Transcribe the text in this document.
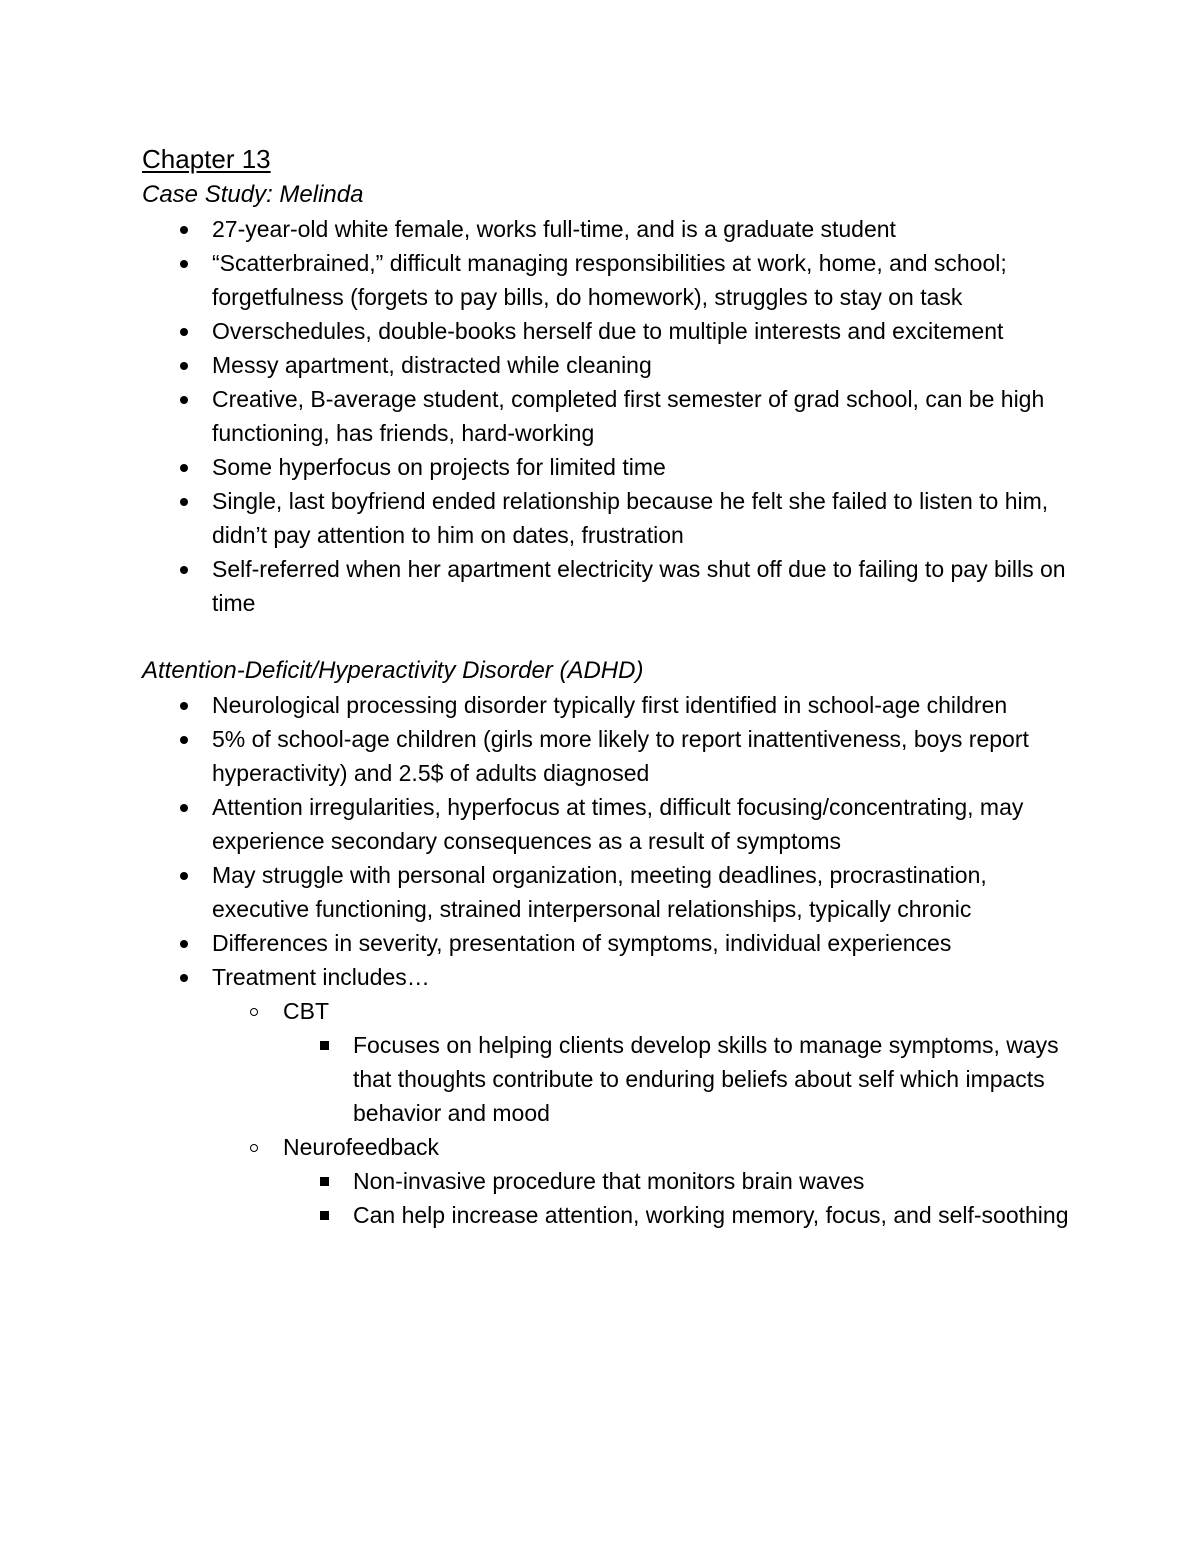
Chapter 13
Case Study: Melinda
27-year-old white female, works full-time, and is a graduate student
“Scatterbrained,” difficult managing responsibilities at work, home, and school; forgetfulness (forgets to pay bills, do homework), struggles to stay on task
Overschedules, double-books herself due to multiple interests and excitement
Messy apartment, distracted while cleaning
Creative, B-average student, completed first semester of grad school, can be high functioning, has friends, hard-working
Some hyperfocus on projects for limited time
Single, last boyfriend ended relationship because he felt she failed to listen to him, didn’t pay attention to him on dates, frustration
Self-referred when her apartment electricity was shut off due to failing to pay bills on time
Attention-Deficit/Hyperactivity Disorder (ADHD)
Neurological processing disorder typically first identified in school-age children
5% of school-age children (girls more likely to report inattentiveness, boys report hyperactivity) and 2.5$ of adults diagnosed
Attention irregularities, hyperfocus at times, difficult focusing/concentrating, may experience secondary consequences as a result of symptoms
May struggle with personal organization, meeting deadlines, procrastination, executive functioning, strained interpersonal relationships, typically chronic
Differences in severity, presentation of symptoms, individual experiences
Treatment includes…
CBT
Focuses on helping clients develop skills to manage symptoms, ways that thoughts contribute to enduring beliefs about self which impacts behavior and mood
Neurofeedback
Non-invasive procedure that monitors brain waves
Can help increase attention, working memory, focus, and self-soothing
